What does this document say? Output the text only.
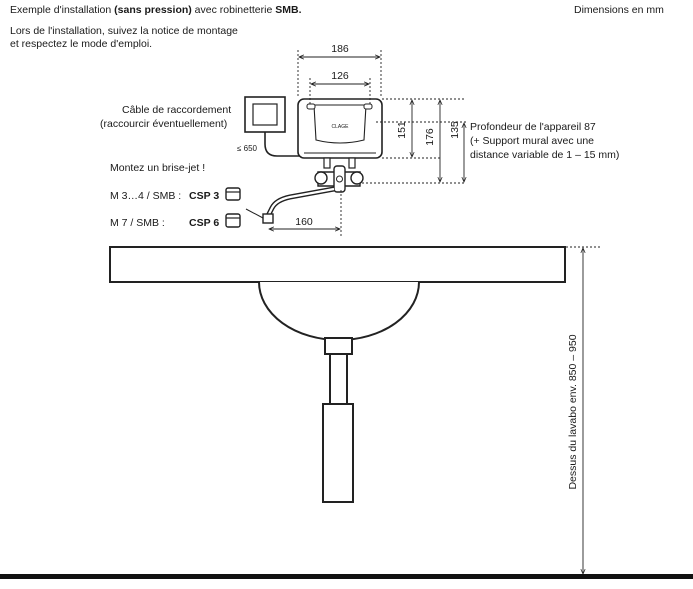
Exemple d'installation (sans pression) avec robinetterie SMB.	Dimensions en mm
Lors de l'installation, suivez la notice de montage
et respectez le mode d'emploi.
Câble de raccordement
(raccourcir éventuellement)
≤ 650
Montez un brise-jet !
M 3…4 / SMB : CSP 3
M 7 / SMB : CSP 6
Profondeur de l'appareil 87
(+ Support mural avec une
distance variable de 1 – 15 mm)
CLAGE
186
126
151 176 135
160
Dessus du lavabo env. 850 – 950
